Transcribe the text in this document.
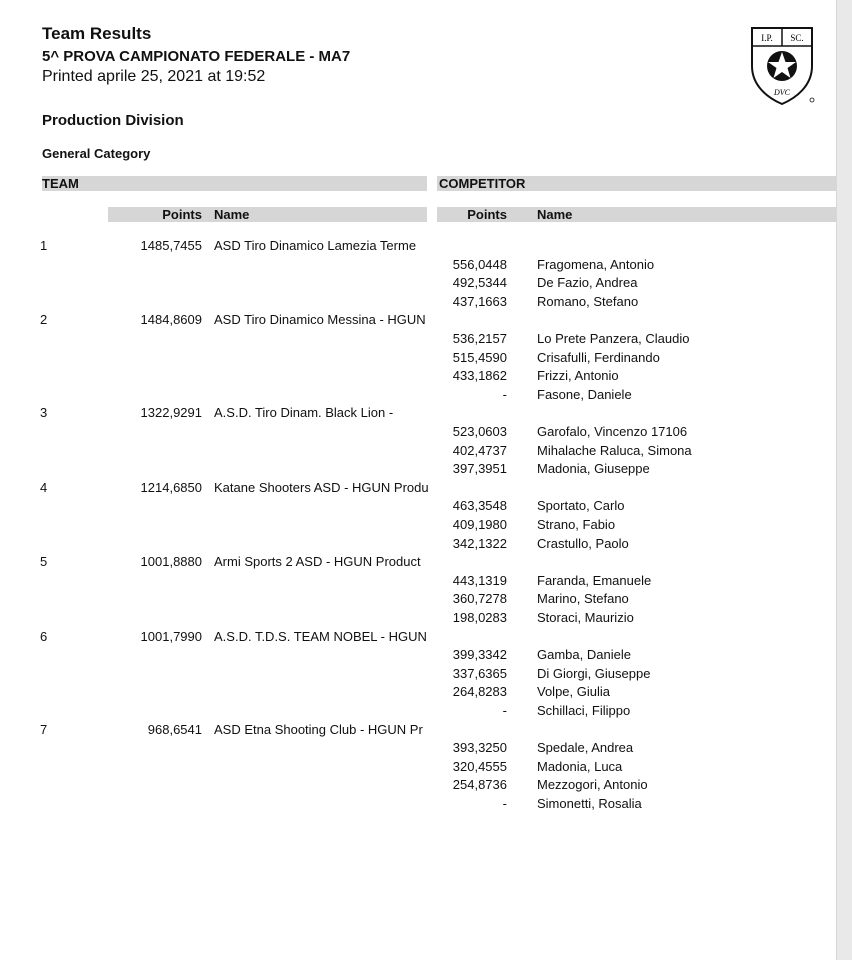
Team Results
5^ PROVA CAMPIONATO FEDERALE - MA7
Printed aprile 25, 2021 at 19:52
I.P. SC.
DVC
Production Division
General Category
TEAM	COMPETITOR
Points Name	Points Name
1	1485,7455 ASD Tiro Dinamico Lamezia Terme
556,0448 Fragomena, Antonio
492,5344 De Fazio, Andrea
437,1663 Romano, Stefano
2	1484,8609 ASD Tiro Dinamico Messina - HGUN
536,2157 Lo Prete Panzera, Claudio
515,4590 Crisafulli, Ferdinando
433,1862 Frizzi, Antonio
- Fasone, Daniele
3	1322,9291 A.S.D. Tiro Dinam. Black Lion -
523,0603 Garofalo, Vincenzo 17106
402,4737 Mihalache Raluca, Simona
397,3951 Madonia, Giuseppe
4	1214,6850 Katane Shooters ASD - HGUN Produ
463,3548 Sportato, Carlo
409,1980 Strano, Fabio
342,1322 Crastullo, Paolo
5	1001,8880 Armi Sports 2 ASD - HGUN Product
443,1319 Faranda, Emanuele
360,7278 Marino, Stefano
198,0283 Storaci, Maurizio
6	1001,7990 A.S.D. T.D.S. TEAM NOBEL - HGUN
399,3342 Gamba, Daniele
337,6365 Di Giorgi, Giuseppe
264,8283 Volpe, Giulia
- Schillaci, Filippo
7	968,6541 ASD Etna Shooting Club - HGUN Pr
393,3250 Spedale, Andrea
320,4555 Madonia, Luca
254,8736 Mezzogori, Antonio
- Simonetti, Rosalia
